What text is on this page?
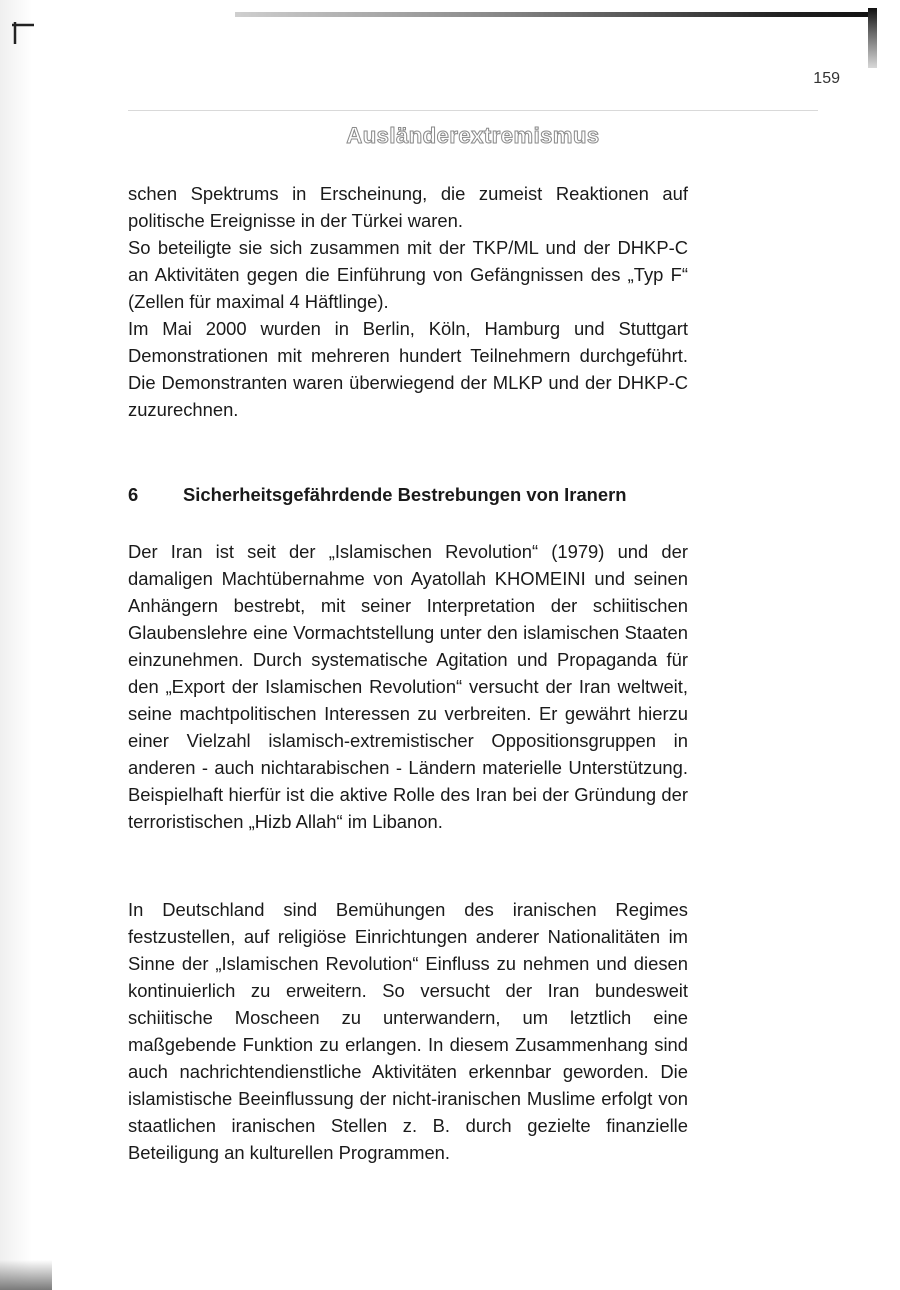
159
Ausländerextremismus

schen Spektrums in Erscheinung, die zumeist Reaktionen auf politische Ereignisse in der Türkei waren.

So beteiligte sie sich zusammen mit der TKP/ML und der DHKP-C an Aktivitäten gegen die Einführung von Gefängnissen des „Typ F“ (Zellen für maximal 4 Häftlinge).

Im Mai 2000 wurden in Berlin, Köln, Hamburg und Stuttgart Demonstrationen mit mehreren hundert Teilnehmern durchgeführt. Die Demonstranten waren überwiegend der MLKP und der DHKP-C zuzurechnen.

6 Sicherheitsgefährdende Bestrebungen von Iranern

Der Iran ist seit der „Islamischen Revolution“ (1979) und der damaligen Machtübernahme von Ayatollah KHOMEINI und seinen Anhängern bestrebt, mit seiner Interpretation der schiitischen Glaubenslehre eine Vormachtstellung unter den islamischen Staaten einzunehmen. Durch systematische Agitation und Propaganda für den „Export der Islamischen Revolution“ versucht der Iran weltweit, seine machtpolitischen Interessen zu verbreiten. Er gewährt hierzu einer Vielzahl islamisch-extremistischer Oppositionsgruppen in anderen - auch nichtarabischen - Ländern materielle Unterstützung. Beispielhaft hierfür ist die aktive Rolle des Iran bei der Gründung der terroristischen „Hizb Allah“ im Libanon.

In Deutschland sind Bemühungen des iranischen Regimes festzustellen, auf religiöse Einrichtungen anderer Nationalitäten im Sinne der „Islamischen Revolution“ Einfluss zu nehmen und diesen kontinuierlich zu erweitern. So versucht der Iran bundesweit schiitische Moscheen zu unterwandern, um letztlich eine maßgebende Funktion zu erlangen. In diesem Zusammenhang sind auch nachrichtendienstliche Aktivitäten erkennbar geworden. Die islamistische Beeinflussung der nicht-iranischen Muslime erfolgt von staatlichen iranischen Stellen z. B. durch gezielte finanzielle Beteiligung an kulturellen Programmen.
